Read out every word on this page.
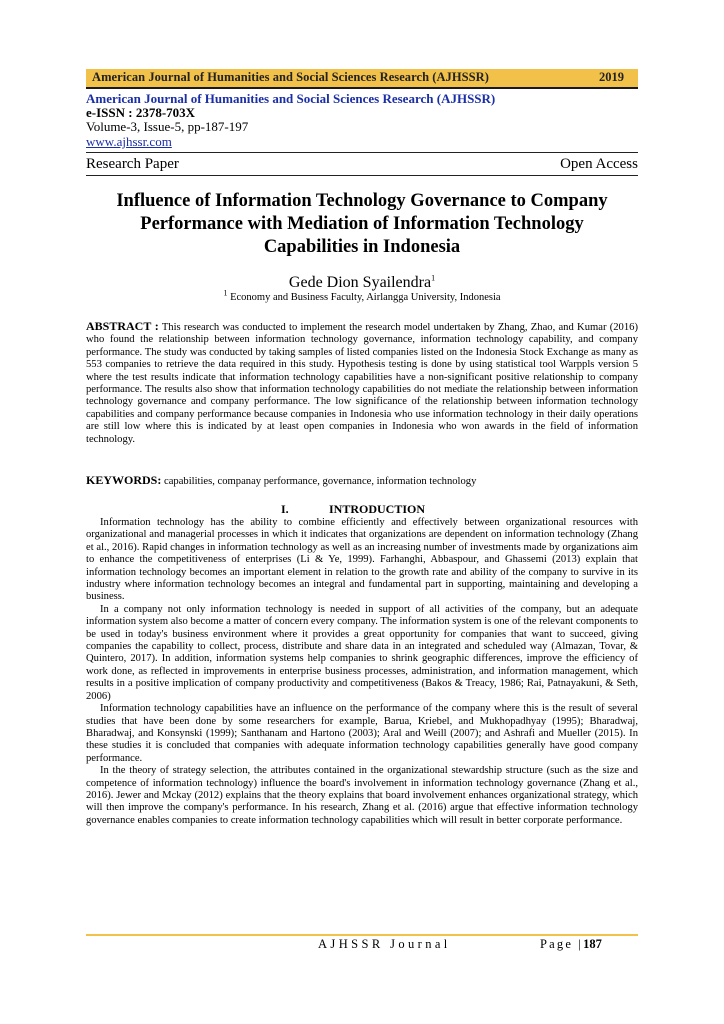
American Journal of Humanities and Social Sciences Research (AJHSSR)	2019
American Journal of Humanities and Social Sciences Research (AJHSSR)
e-ISSN : 2378-703X
Volume-3, Issue-5, pp-187-197
www.ajhssr.com
Research Paper	Open Access
Influence of Information Technology Governance to Company
Performance with Mediation of Information Technology
Capabilities in Indonesia
Gede Dion Syailendra$^1$
$^1$ Economy and Business Faculty, Airlangga University, Indonesia
ABSTRACT : This research was conducted to implement the research model undertaken by Zhang, Zhao, and Kumar (2016) who found the relationship between information technology governance, information technology capability, and company performance. The study was conducted by taking samples of listed companies listed on the Indonesia Stock Exchange as many as 553 companies to retrieve the data required in this study. Hypothesis testing is done by using statistical tool Warppls version 5 where the test results indicate that information technology capabilities have a non-significant positive relationship to company performance. The results also show that information technology capabilities do not mediate the relationship between information technology governance and company performance. The low significance of the relationship between information technology capabilities and company performance because companies in Indonesia who use information technology in their daily operations are still low where this is indicated by at least open companies in Indonesia who won awards in the field of information technology.
KEYWORDS: capabilities, companay performance, governance, information technology
I.	INTRODUCTION

Information technology has the ability to combine efficiently and effectively between organizational resources with organizational and managerial processes in which it indicates that organizations are dependent on information technology (Zhang et al., 2016). Rapid changes in information technology as well as an increasing number of investments made by organizations aim to enhance the competitiveness of enterprises (Li & Ye, 1999). Farhanghi, Abbaspour, and Ghassemi (2013) explain that information technology becomes an important element in relation to the growth rate and ability of the company to survive in its industry where information technology becomes an integral and fundamental part in supporting, maintaining and developing a business.

In a company not only information technology is needed in support of all activities of the company, but an adequate information system also become a matter of concern every company. The information system is one of the relevant components to be used in today's business environment where it provides a great opportunity for companies that want to succeed, giving companies the capability to collect, process, distribute and share data in an integrated and scheduled way (Almazan, Tovar, & Quintero, 2017). In addition, information systems help companies to shrink geographic differences, improve the efficiency of work done, as reflected in improvements in enterprise business processes, administration, and information management, which results in a positive implication of company productivity and competitiveness (Bakos & Treacy, 1986; Rai, Patnayakuni, & Seth, 2006)

Information technology capabilities have an influence on the performance of the company where this is the result of several studies that have been done by some researchers for example, Barua, Kriebel, and Mukhopadhyay (1995); Bharadwaj, Bharadwaj, and Konsynski (1999); Santhanam and Hartono (2003); Aral and Weill (2007); and Ashrafi and Mueller (2015). In these studies it is concluded that companies with adequate information technology capabilities generally have good company performance.

In the theory of strategy selection, the attributes contained in the organizational stewardship structure (such as the size and competence of information technology) influence the board's involvement in information technology governance (Zhang et al., 2016). Jewer and Mckay (2012) explains that the theory explains that board involvement enhances organizational strategy, which will then improve the company's performance. In his research, Zhang et al. (2016) argue that effective information technology governance enables companies to create information technology capabilities which will result in better corporate performance.

AJHSSR Journal	Page |187
